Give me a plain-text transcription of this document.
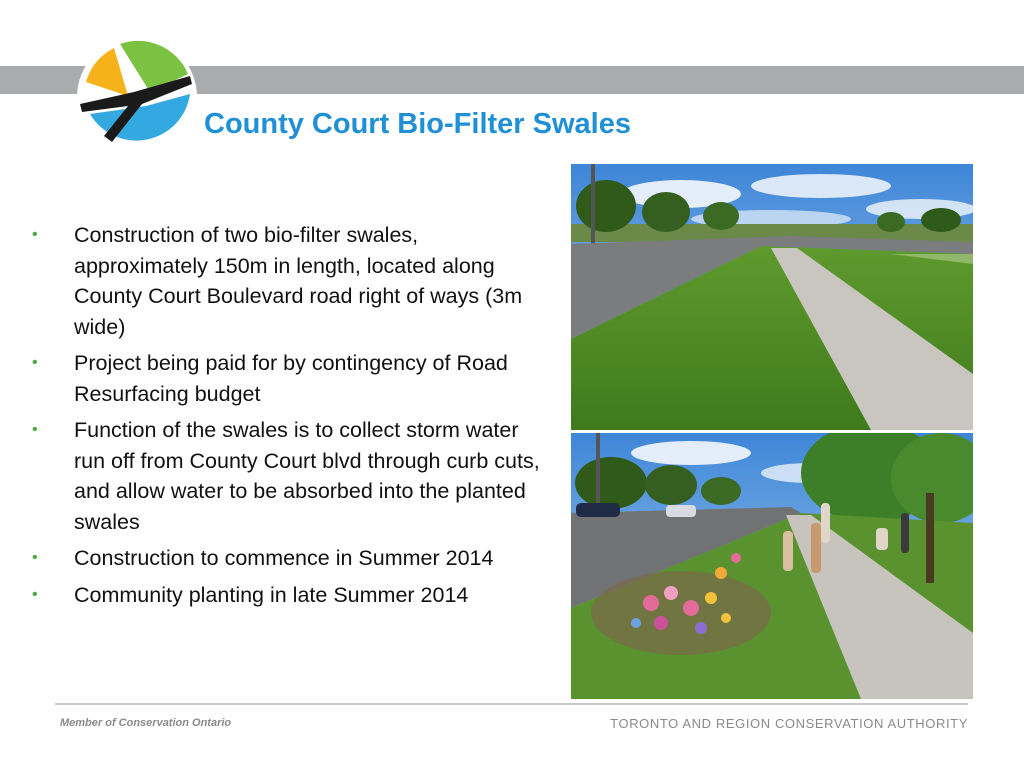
County Court Bio-Filter Swales
• Construction of two bio-filter swales, approximately 150m in length, located along County Court Boulevard road right of ways (3m wide)
• Project being paid for by contingency of Road Resurfacing budget
• Function of the swales is to collect storm water run off from County Court blvd through curb cuts, and allow water to be absorbed into the planted swales
• Construction to commence in Summer 2014
• Community planting in late Summer 2014
Member of Conservation Ontario	TORONTO AND REGION CONSERVATION AUTHORITY
